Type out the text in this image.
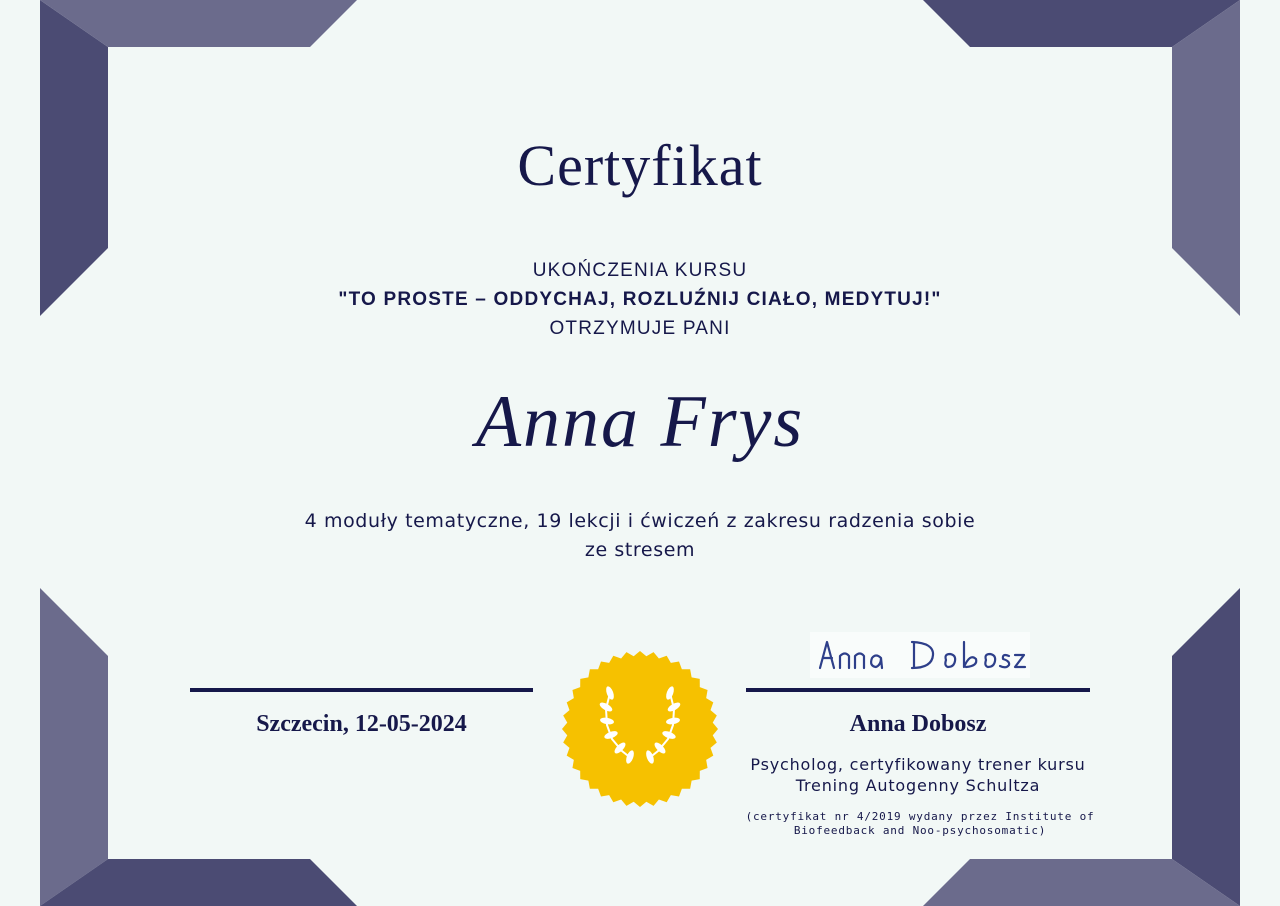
Certyfikat

UKOŃCZENIA KURSU

"TO PROSTE – ODDYCHAJ, ROZLUŹNIJ CIAŁO, MEDYTUJ!"

OTRZYMUJE PANI

Anna Frys

4 moduły tematyczne, 19 lekcji i ćwiczeń z zakresu radzenia sobie ze stresem

Szczecin, 12-05-2024	Anna Dobosz

Psycholog, certyfikowany trener kursu Trening Autogenny Schultza

(certyfikat nr 4/2019 wydany przez Institute of Biofeedback and Noo-psychosomatic)
